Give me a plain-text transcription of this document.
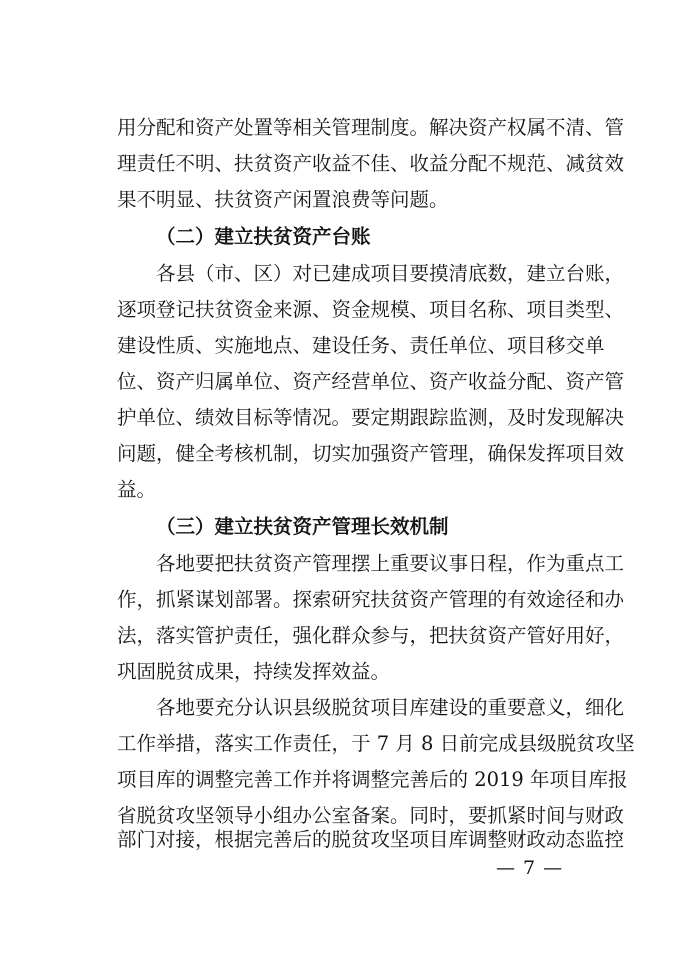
用分配和资产处置等相关管理制度。解决资产权属不清、管
理责任不明、扶贫资产收益不佳、收益分配不规范、减贫效
果不明显、扶贫资产闲置浪费等问题。
（二）建立扶贫资产台账
各县（市、区）对已建成项目要摸清底数，建立台账，
逐项登记扶贫资金来源、资金规模、项目名称、项目类型、
建设性质、实施地点、建设任务、责任单位、项目移交单
位、资产归属单位、资产经营单位、资产收益分配、资产管
护单位、绩效目标等情况。要定期跟踪监测，及时发现解决
问题，健全考核机制，切实加强资产管理，确保发挥项目效
益。
（三）建立扶贫资产管理长效机制
各地要把扶贫资产管理摆上重要议事日程，作为重点工
作，抓紧谋划部署。探索研究扶贫资产管理的有效途径和办
法，落实管护责任，强化群众参与，把扶贫资产管好用好，
巩固脱贫成果，持续发挥效益。
各地要充分认识县级脱贫项目库建设的重要意义，细化
工作举措，落实工作责任，于 7 月 8 日前完成县级脱贫攻坚
项目库的调整完善工作并将调整完善后的 2019 年项目库报
省脱贫攻坚领导小组办公室备案。同时，要抓紧时间与财政
部门对接，根据完善后的脱贫攻坚项目库调整财政动态监控
— 7 —
